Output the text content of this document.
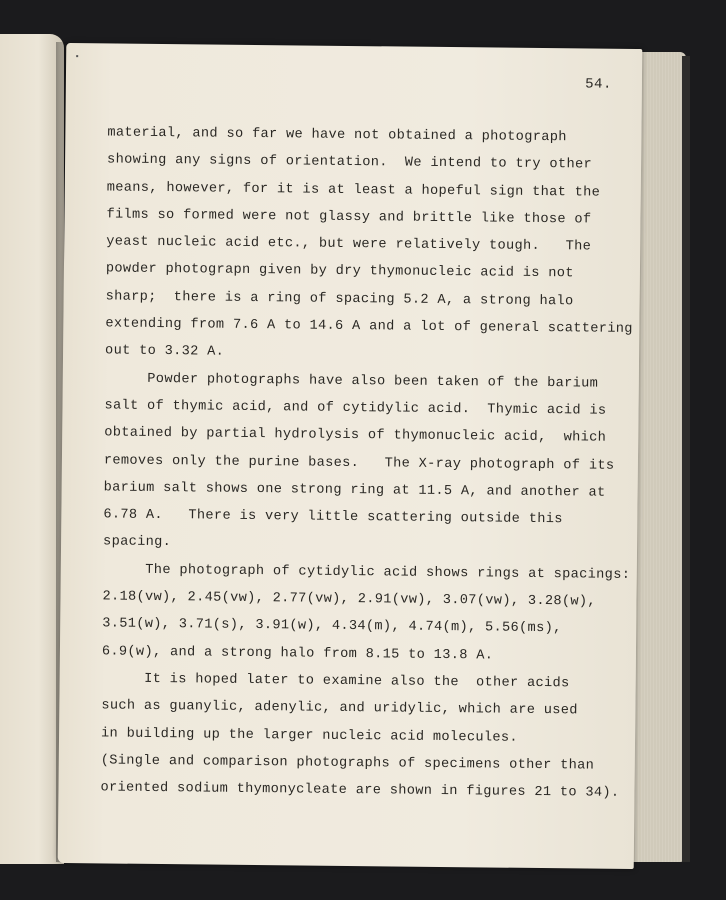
54.
material, and so far we have not obtained a photograph
showing any signs of orientation.  We intend to try other
means, however, for it is at least a hopeful sign that the
films so formed were not glassy and brittle like those of
yeast nucleic acid etc., but were relatively tough.   The
powder photograpn given by dry thymonucleic acid is not
sharp;  there is a ring of spacing 5.2 A, a strong halo
extending from 7.6 A to 14.6 A and a lot of general scattering
out to 3.32 A.
Powder photographs have also been taken of the barium
salt of thymic acid, and of cytidylic acid.  Thymic acid is
obtained by partial hydrolysis of thymonucleic acid,  which
removes only the purine bases.   The X-ray photograph of its
barium salt shows one strong ring at 11.5 A, and another at
6.78 A.   There is very little scattering outside this
spacing.
The photograph of cytidylic acid shows rings at spacings:
2.18(vw), 2.45(vw), 2.77(vw), 2.91(vw), 3.07(vw), 3.28(w),
3.51(w), 3.71(s), 3.91(w), 4.34(m), 4.74(m), 5.56(ms),
6.9(w), and a strong halo from 8.15 to 13.8 A.
It is hoped later to examine also the  other acids
such as guanylic, adenylic, and uridylic, which are used
in building up the larger nucleic acid molecules.
(Single and comparison photographs of specimens other than
oriented sodium thymonycleate are shown in figures 21 to 34).
